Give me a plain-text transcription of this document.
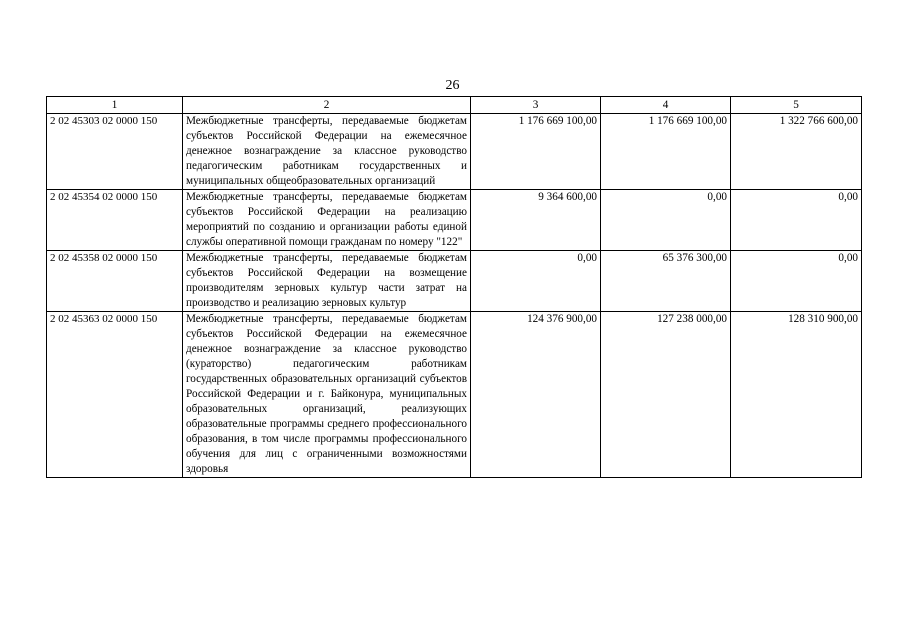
26
1	2	3	4	5
2 02 45303 02 0000 150	Межбюджетные трансферты, передаваемые бюджетам субъектов Российской Федерации на ежемесячное денежное вознаграждение за классное руководство педагогическим работникам государственных и муниципальных общеобразовательных организаций	1 176 669 100,00	1 176 669 100,00	1 322 766 600,00
2 02 45354 02 0000 150	Межбюджетные трансферты, передаваемые бюджетам субъектов Российской Федерации на реализацию мероприятий по созданию и организации работы единой службы оперативной помощи гражданам по номеру "122"	9 364 600,00	0,00	0,00
2 02 45358 02 0000 150	Межбюджетные трансферты, передаваемые бюджетам субъектов Российской Федерации на возмещение производителям зерновых культур части затрат на производство и реализацию зерновых культур	0,00	65 376 300,00	0,00
2 02 45363 02 0000 150	Межбюджетные трансферты, передаваемые бюджетам субъектов Российской Федерации на ежемесячное денежное вознаграждение за классное руководство (кураторство) педагогическим работникам государственных образовательных организаций субъектов Российской Федерации и г. Байконура, муниципальных образовательных организаций, реализующих образовательные программы среднего профессионального образования, в том числе программы профессионального обучения для лиц с ограниченными возможностями здоровья	124 376 900,00	127 238 000,00	128 310 900,00
